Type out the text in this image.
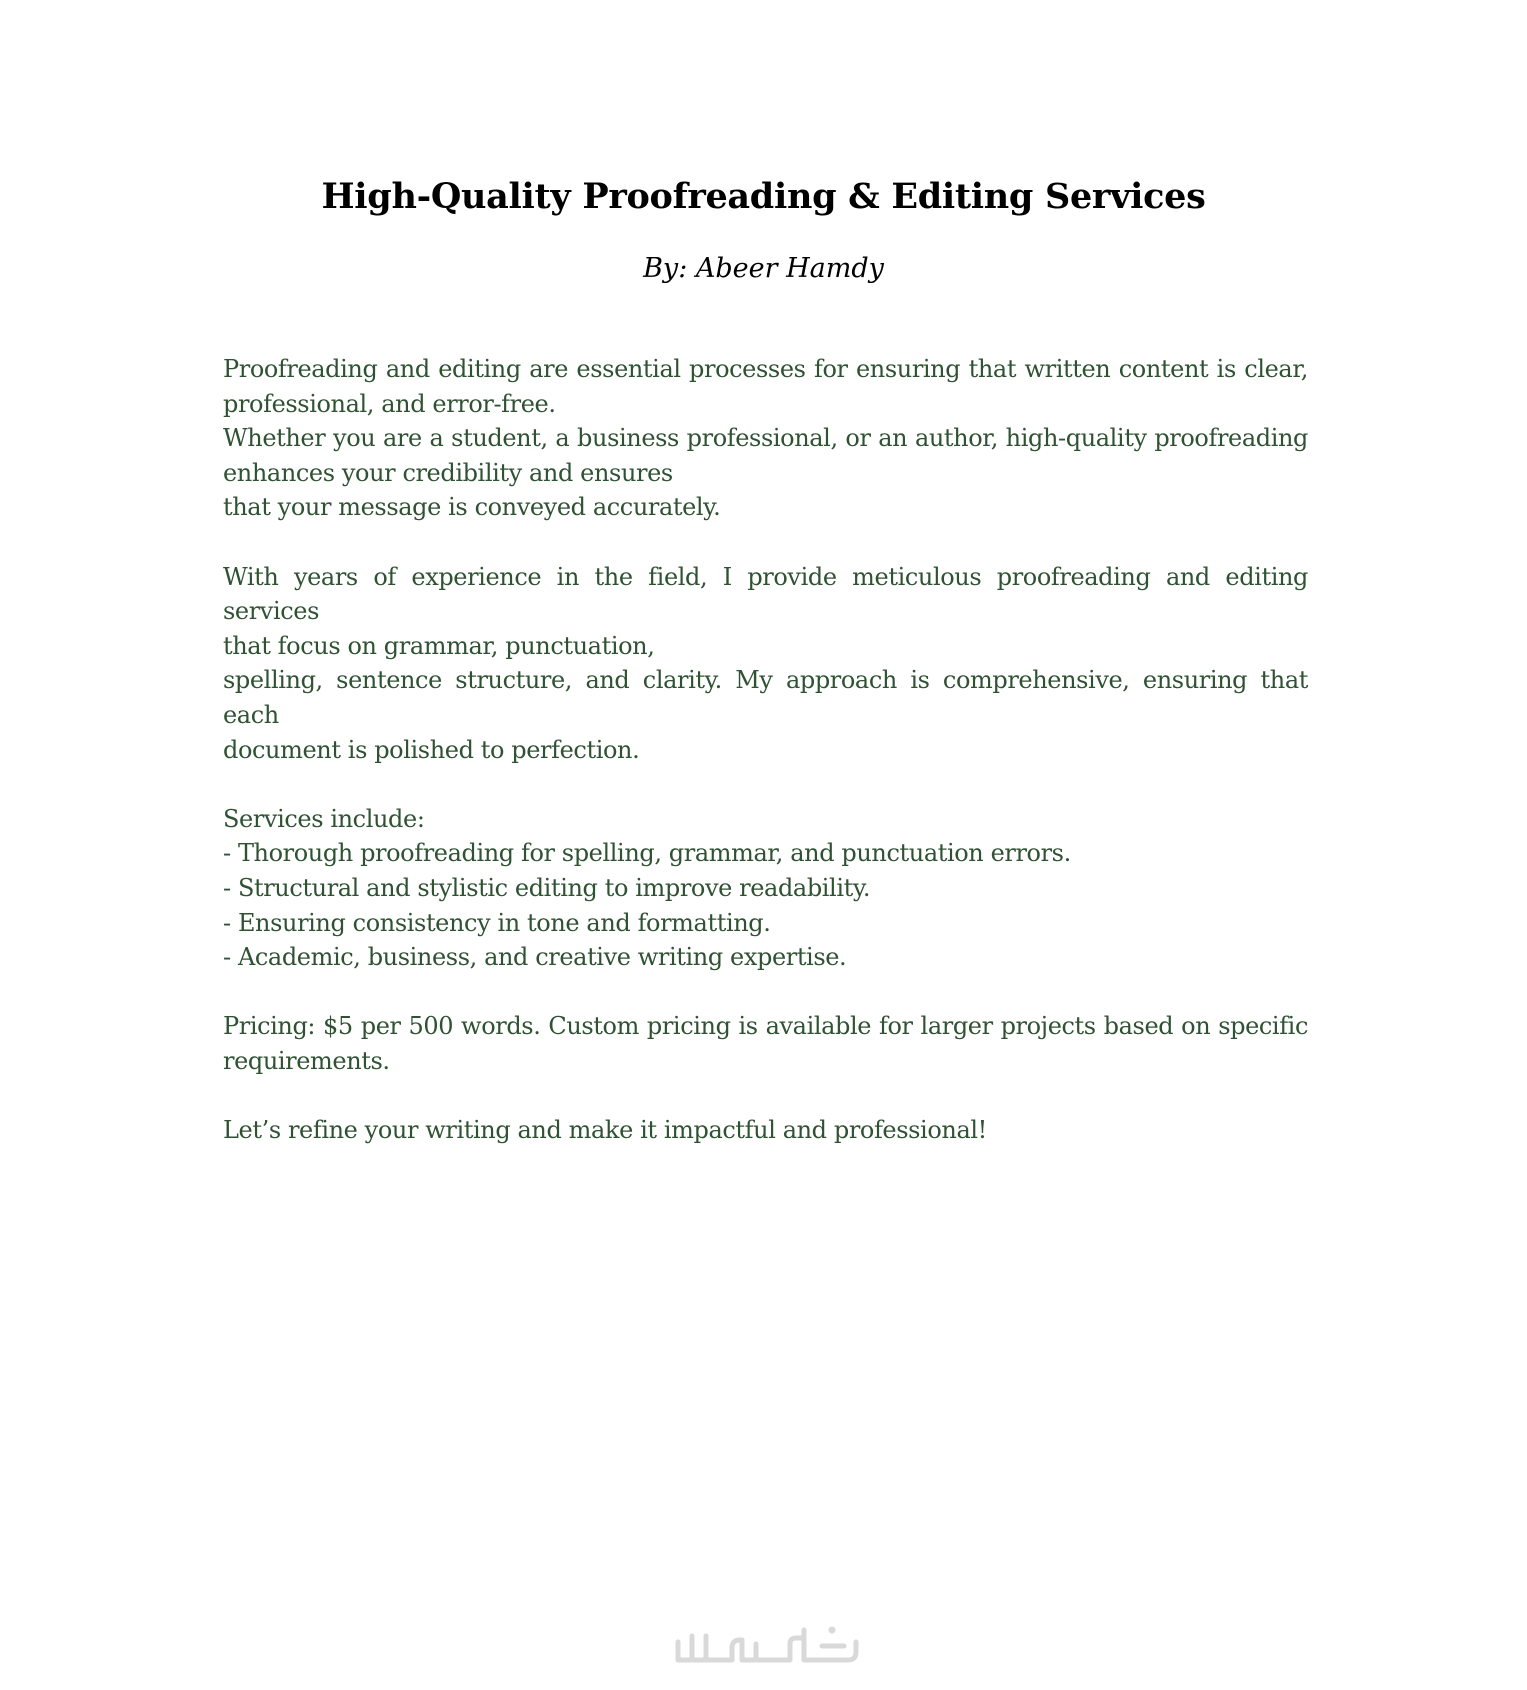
High-Quality Proofreading & Editing Services
By: Abeer Hamdy
Proofreading and editing are essential processes for ensuring that written content is clear,
professional, and error-free.
Whether you are a student, a business professional, or an author, high-quality proofreading
enhances your credibility and ensures
that your message is conveyed accurately.
With years of experience in the field, I provide meticulous proofreading and editing services
that focus on grammar, punctuation,
spelling, sentence structure, and clarity. My approach is comprehensive, ensuring that each
document is polished to perfection.
Services include:
- Thorough proofreading for spelling, grammar, and punctuation errors.
- Structural and stylistic editing to improve readability.
- Ensuring consistency in tone and formatting.
- Academic, business, and creative writing expertise.
Pricing: $5 per 500 words. Custom pricing is available for larger projects based on specific
requirements.
Let’s refine your writing and make it impactful and professional!
